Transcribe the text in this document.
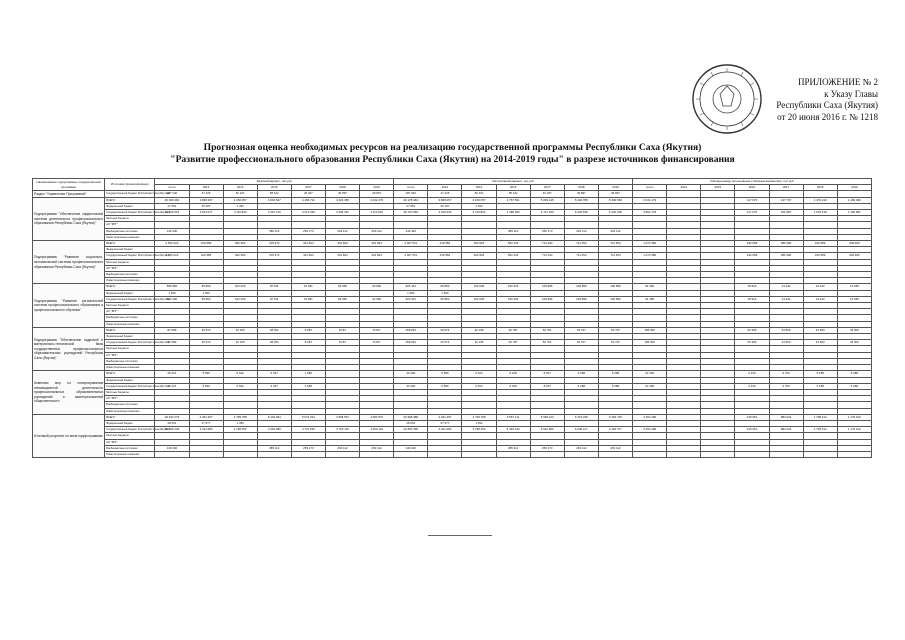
ПРИЛОЖЕНИЕ № 2
к Указу Главы
Республики Саха (Якутия)
от 20 июня 2016 г. № 1218
Прогнозная оценка необходимых ресурсов на реализацию государственной программы Республики Саха (Якутия)
"Развитие профессионального образования Республики Саха (Якутия) на 2014-2019 годы" в разрезе источников финансирования
Наименование подпрограммы государственной программы	Источники финансирования	Базовый вариант, тыс.руб							Интенсивный вариант, тыс.руб							Разница между интенсивным и базовым вариантами, тыс.руб						
		итого	2014	2015	2016	2017	2018	2019	итого	2014	2015	2016	2017	2018	2019	итого	2014	2015	2016	2017	2018	2019
Раздел "Управление Программой"	Государственный бюджет Республики Саха (Якутия)	287 640	47 425	50 161	58 102	46 307	39 897	49 897	287 640	47 425	50 161	58 102	46 307	39 897	49 897							
Подпрограмма "Обеспечение эффективной системы деятельности профессионального образования Республики Саха (Якутия)"	ВСЕГО:	26 020 460	3 868 257	4 150 057	4 640 527	4 466 711	4 423 455	4 432 475	26 178 463	3 868 257	4 150 057	4 767 561	5 009 145	5 440 785	5 330 693	3 641 173			117 073	217 707	1 470 219	1 182 949
	Федеральный бюджет	27 551	26 187	1 352					27 551	26 187	1 352											
	Государственный бюджет Республики Саха (Якутия)	24 843 615	3 644 077	4 110 840	4 416 415	4 213 339	4 339 447	4 110 916	28 700 666	3 918 325	4 110 840	4 488 390	4 721 206	5 420 635	5 420 205	3 891 178			117 075	511 887	1 978 418	1 182 887
	Местные бюджеты																					
	АО "ФПГ"																					
	Внебюджетные источники	149 440			385 112	259 173	263 112	263 112	149 440			385 112	259 173	263 112	263 112							
	Инвестиционные вложения																					
Подпрограмма "Развитие социально-экономической системы профессионального образования Республики Саха (Якутия)"	ВСЕГО:	2 525 222	416 583	462 963	478 374	421 824	401 824	401 824	2 907 511	416 583	462 963	562 432	714 194	711 454	711 454	1 072 380			192 658	289 480	109 689	309 480
	Федеральный бюджет																					
	Государственный бюджет Республики Саха (Якутия)	2 525 222	416 583	462 963	478 374	421 824	401 824	401 824	2 907 511	416 583	462 963	562 432	714 194	711 454	711 454	1 072 380			192 658	289 480	109 689	309 480
	Местные бюджеты																					
	АО "ФПГ"																					
	Внебюджетные источники																					
	Инвестиционные вложения																					
Подпрограмма "Развитие региональной системы профессионального образования и профессионального обучения"	ВСЕГО:	565 860	95 850	102 026	87 511	91 961	92 960	92 960	625 161	95 850	102 026	106 426	106 896	106 896	106 896	51 383			18 916	14 442	13 442	13 935
	Федеральный бюджет	1 560	1 560						1 560	1 560												
	Государственный бюджет Республики Саха (Якутия)	564 300	95 850	102 026	87 511	91 961	92 960	92 960	623 601	95 850	102 026	106 426	106 896	106 896	106 896	51 383			18 916	14 442	13 442	13 935
	Местные бюджеты																					
	АО "ФПГ"																					
	Внебюджетные источники																					
	Инвестиционные вложения																					
Подпрограмма "Обеспечение кадровой и материально-технической базы государственных профессиональных образовательных учреждений Республики Саха (Якутия)"	ВСЕГО:	87 089	26 574	22 105	28 451	8 287	8 267	8 267	259 831	26 574	22 105	52 787	52 701	52 767	52 767	185 306			52 396	44 500	44 500	44 500
	Федеральный бюджет																					
	Государственный бюджет Республики Саха (Якутия)	87 089	26 574	22 105	28 451	8 287	8 267	8 267	259 831	26 574	22 105	52 787	52 701	52 767	52 767	185 306			52 396	44 500	44 500	44 500
	Местные бюджеты																					
	АО "ФПГ"																					
	Внебюджетные источники																					
	Инвестиционные вложения																					
Комплекс мер по стимулированию инновационной деятельности профессиональных образовательных учреждений и заинтересованной общественности	ВСЕГО:	25 421	5 599	6 622	6 027	1 580			40 400	5 599	6 622	9 228	8 207	6 288	5 288	20 183			2 243	6 700	5 188	5 288
	Федеральный бюджет																					
	Государственный бюджет Республики Саха (Якутия)	25 421	5 599	6 622	6 027	1 580			40 400	5 599	6 622	9 228	8 207	6 288	5 288	20 183			2 243	6 700	5 188	5 288
	Местные бюджеты																					
	АО "ФПГ"																					
	Внебюджетные источники																					
	Инвестиционные вложения																					
Итоговый результат по всем подпрограммам	ВСЕГО:	29 544 279	4 461 257	4 799 768	5 446 994	5 074 331	4 968 537	4 683 537	33 998 388	4 461 257	4 799 768	5 567 111	5 935 123	6 473 239	6 462 476	4 454 180			125 651	884 022	1 708 212	1 179 102
	Федеральный бюджет	28 051	27 577	1 352					28 051	27 577	1 352											
	Государственный бюджет Республики Саха (Якутия)	29 356 228	4 431 680	4 798 352	4 994 088	4 731 695	4 706 115	4 600 115	33 830 338	4 431 680	4 798 352	5 445 233	5 622 806	6 008 127	6 182 377	4 454 180			125 651	884 022	1 708 212	1 179 102
	Местные бюджеты																					
	АО "ФПГ"																					
	Внебюджетные источники	149 440			385 112	259 173	263 112	263 112	149 440			385 112	259 173	263 112	263 112							
	Инвестиционные вложения																					
